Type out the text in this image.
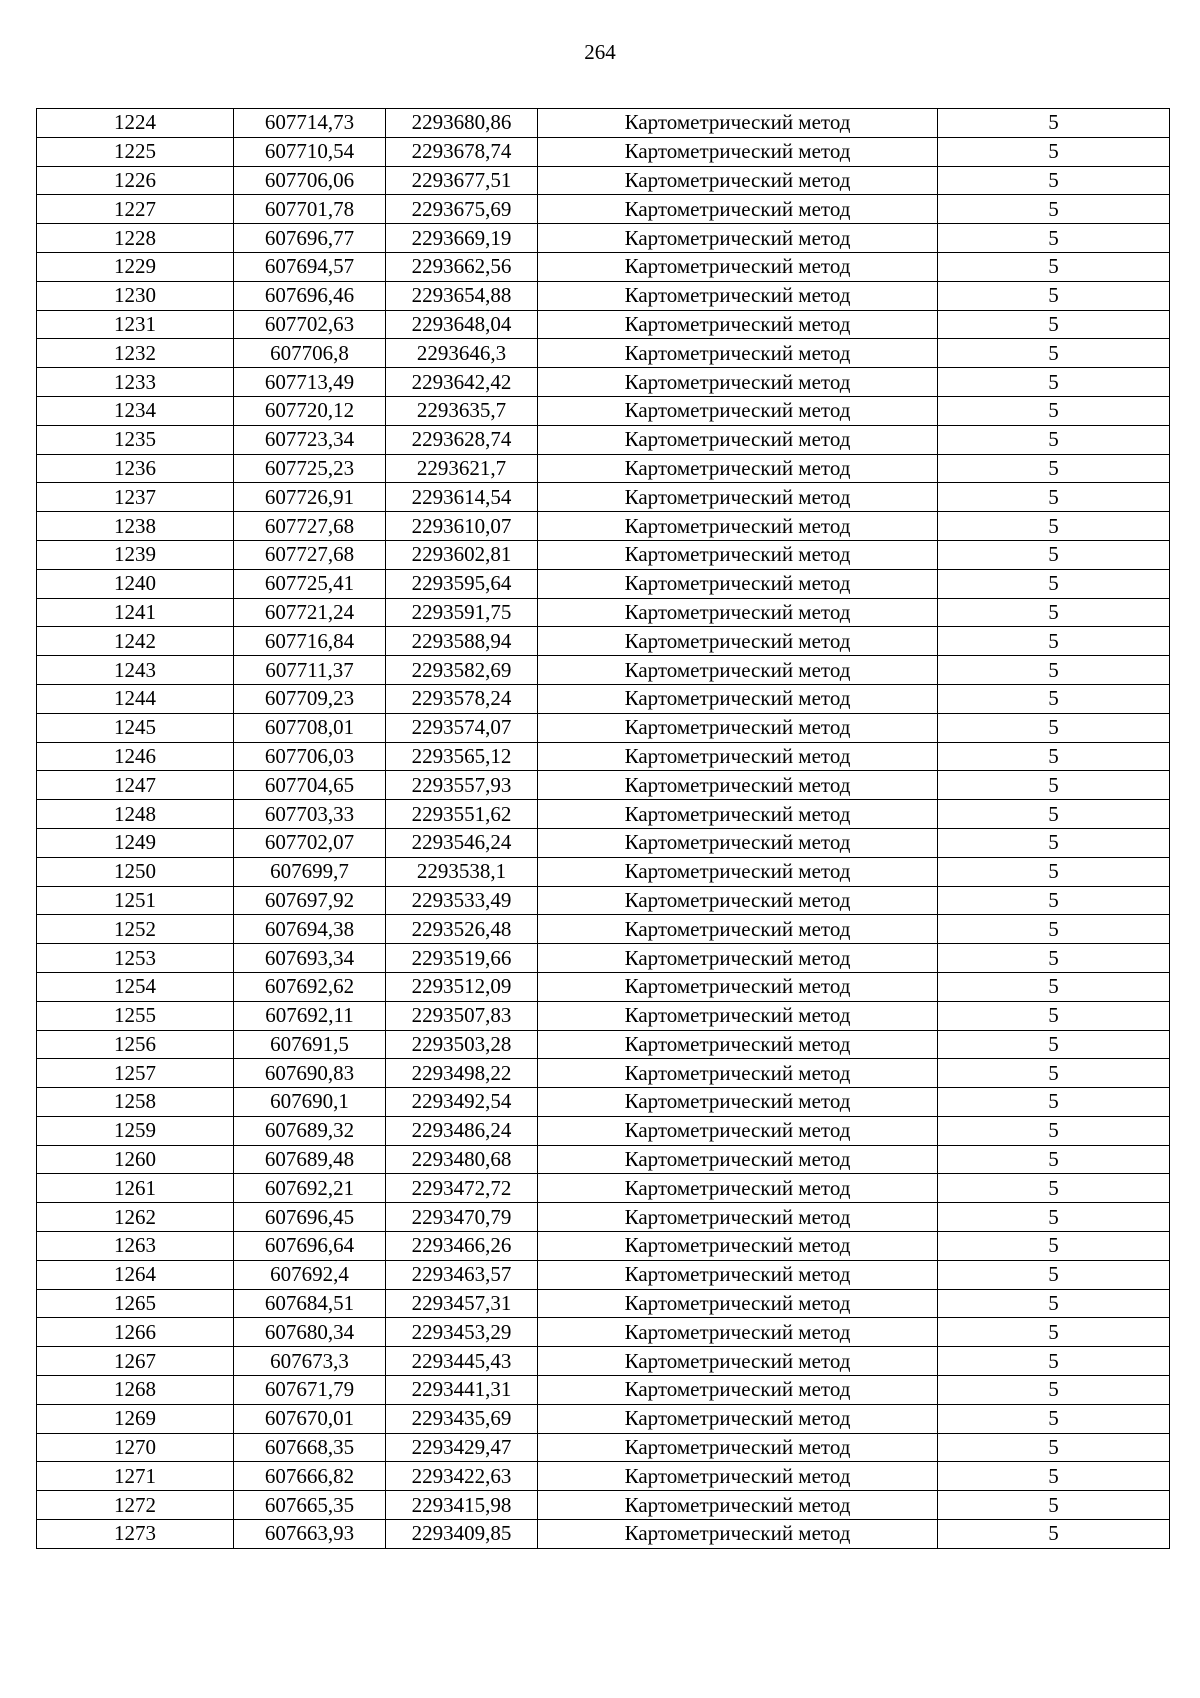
264
1224	607714,73	2293680,86	Картометрический метод	5
1225	607710,54	2293678,74	Картометрический метод	5
1226	607706,06	2293677,51	Картометрический метод	5
1227	607701,78	2293675,69	Картометрический метод	5
1228	607696,77	2293669,19	Картометрический метод	5
1229	607694,57	2293662,56	Картометрический метод	5
1230	607696,46	2293654,88	Картометрический метод	5
1231	607702,63	2293648,04	Картометрический метод	5
1232	607706,8	2293646,3	Картометрический метод	5
1233	607713,49	2293642,42	Картометрический метод	5
1234	607720,12	2293635,7	Картометрический метод	5
1235	607723,34	2293628,74	Картометрический метод	5
1236	607725,23	2293621,7	Картометрический метод	5
1237	607726,91	2293614,54	Картометрический метод	5
1238	607727,68	2293610,07	Картометрический метод	5
1239	607727,68	2293602,81	Картометрический метод	5
1240	607725,41	2293595,64	Картометрический метод	5
1241	607721,24	2293591,75	Картометрический метод	5
1242	607716,84	2293588,94	Картометрический метод	5
1243	607711,37	2293582,69	Картометрический метод	5
1244	607709,23	2293578,24	Картометрический метод	5
1245	607708,01	2293574,07	Картометрический метод	5
1246	607706,03	2293565,12	Картометрический метод	5
1247	607704,65	2293557,93	Картометрический метод	5
1248	607703,33	2293551,62	Картометрический метод	5
1249	607702,07	2293546,24	Картометрический метод	5
1250	607699,7	2293538,1	Картометрический метод	5
1251	607697,92	2293533,49	Картометрический метод	5
1252	607694,38	2293526,48	Картометрический метод	5
1253	607693,34	2293519,66	Картометрический метод	5
1254	607692,62	2293512,09	Картометрический метод	5
1255	607692,11	2293507,83	Картометрический метод	5
1256	607691,5	2293503,28	Картометрический метод	5
1257	607690,83	2293498,22	Картометрический метод	5
1258	607690,1	2293492,54	Картометрический метод	5
1259	607689,32	2293486,24	Картометрический метод	5
1260	607689,48	2293480,68	Картометрический метод	5
1261	607692,21	2293472,72	Картометрический метод	5
1262	607696,45	2293470,79	Картометрический метод	5
1263	607696,64	2293466,26	Картометрический метод	5
1264	607692,4	2293463,57	Картометрический метод	5
1265	607684,51	2293457,31	Картометрический метод	5
1266	607680,34	2293453,29	Картометрический метод	5
1267	607673,3	2293445,43	Картометрический метод	5
1268	607671,79	2293441,31	Картометрический метод	5
1269	607670,01	2293435,69	Картометрический метод	5
1270	607668,35	2293429,47	Картометрический метод	5
1271	607666,82	2293422,63	Картометрический метод	5
1272	607665,35	2293415,98	Картометрический метод	5
1273	607663,93	2293409,85	Картометрический метод	5
